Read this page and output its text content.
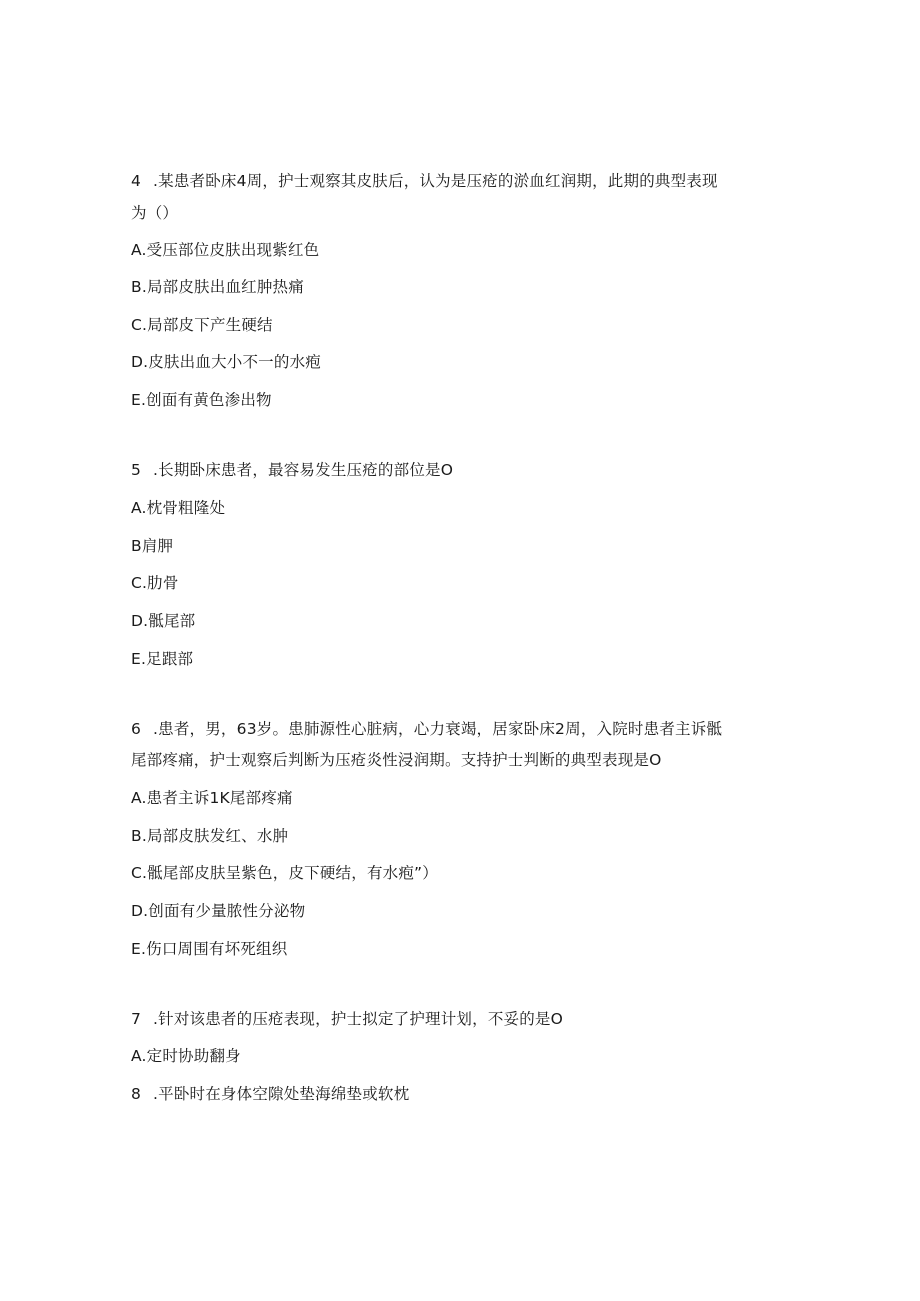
4 .某患者卧床4周，护士观察其皮肤后，认为是压疮的淤血红润期，此期的典型表现
为（）
A.受压部位皮肤出现紫红色
B.局部皮肤出血红肿热痛
C.局部皮下产生硬结
D.皮肤出血大小不一的水疱
E.创面有黄色渗出物
5 .长期卧床患者，最容易发生压疮的部位是O
A.枕骨粗隆处
B肩胛
C.肋骨
D.骶尾部
E.足跟部
6 .患者，男，63岁。患肺源性心脏病，心力衰竭，居家卧床2周，入院时患者主诉骶
尾部疼痛，护士观察后判断为压疮炎性浸润期。支持护士判断的典型表现是O
A.患者主诉1K尾部疼痛
B.局部皮肤发红、水肿
C.骶尾部皮肤呈紫色，皮下硬结，有水疱”）
D.创面有少量脓性分泌物
E.伤口周围有坏死组织
7 .针对该患者的压疮表现，护士拟定了护理计划，不妥的是O
A.定时协助翻身
8 .平卧时在身体空隙处垫海绵垫或软枕
